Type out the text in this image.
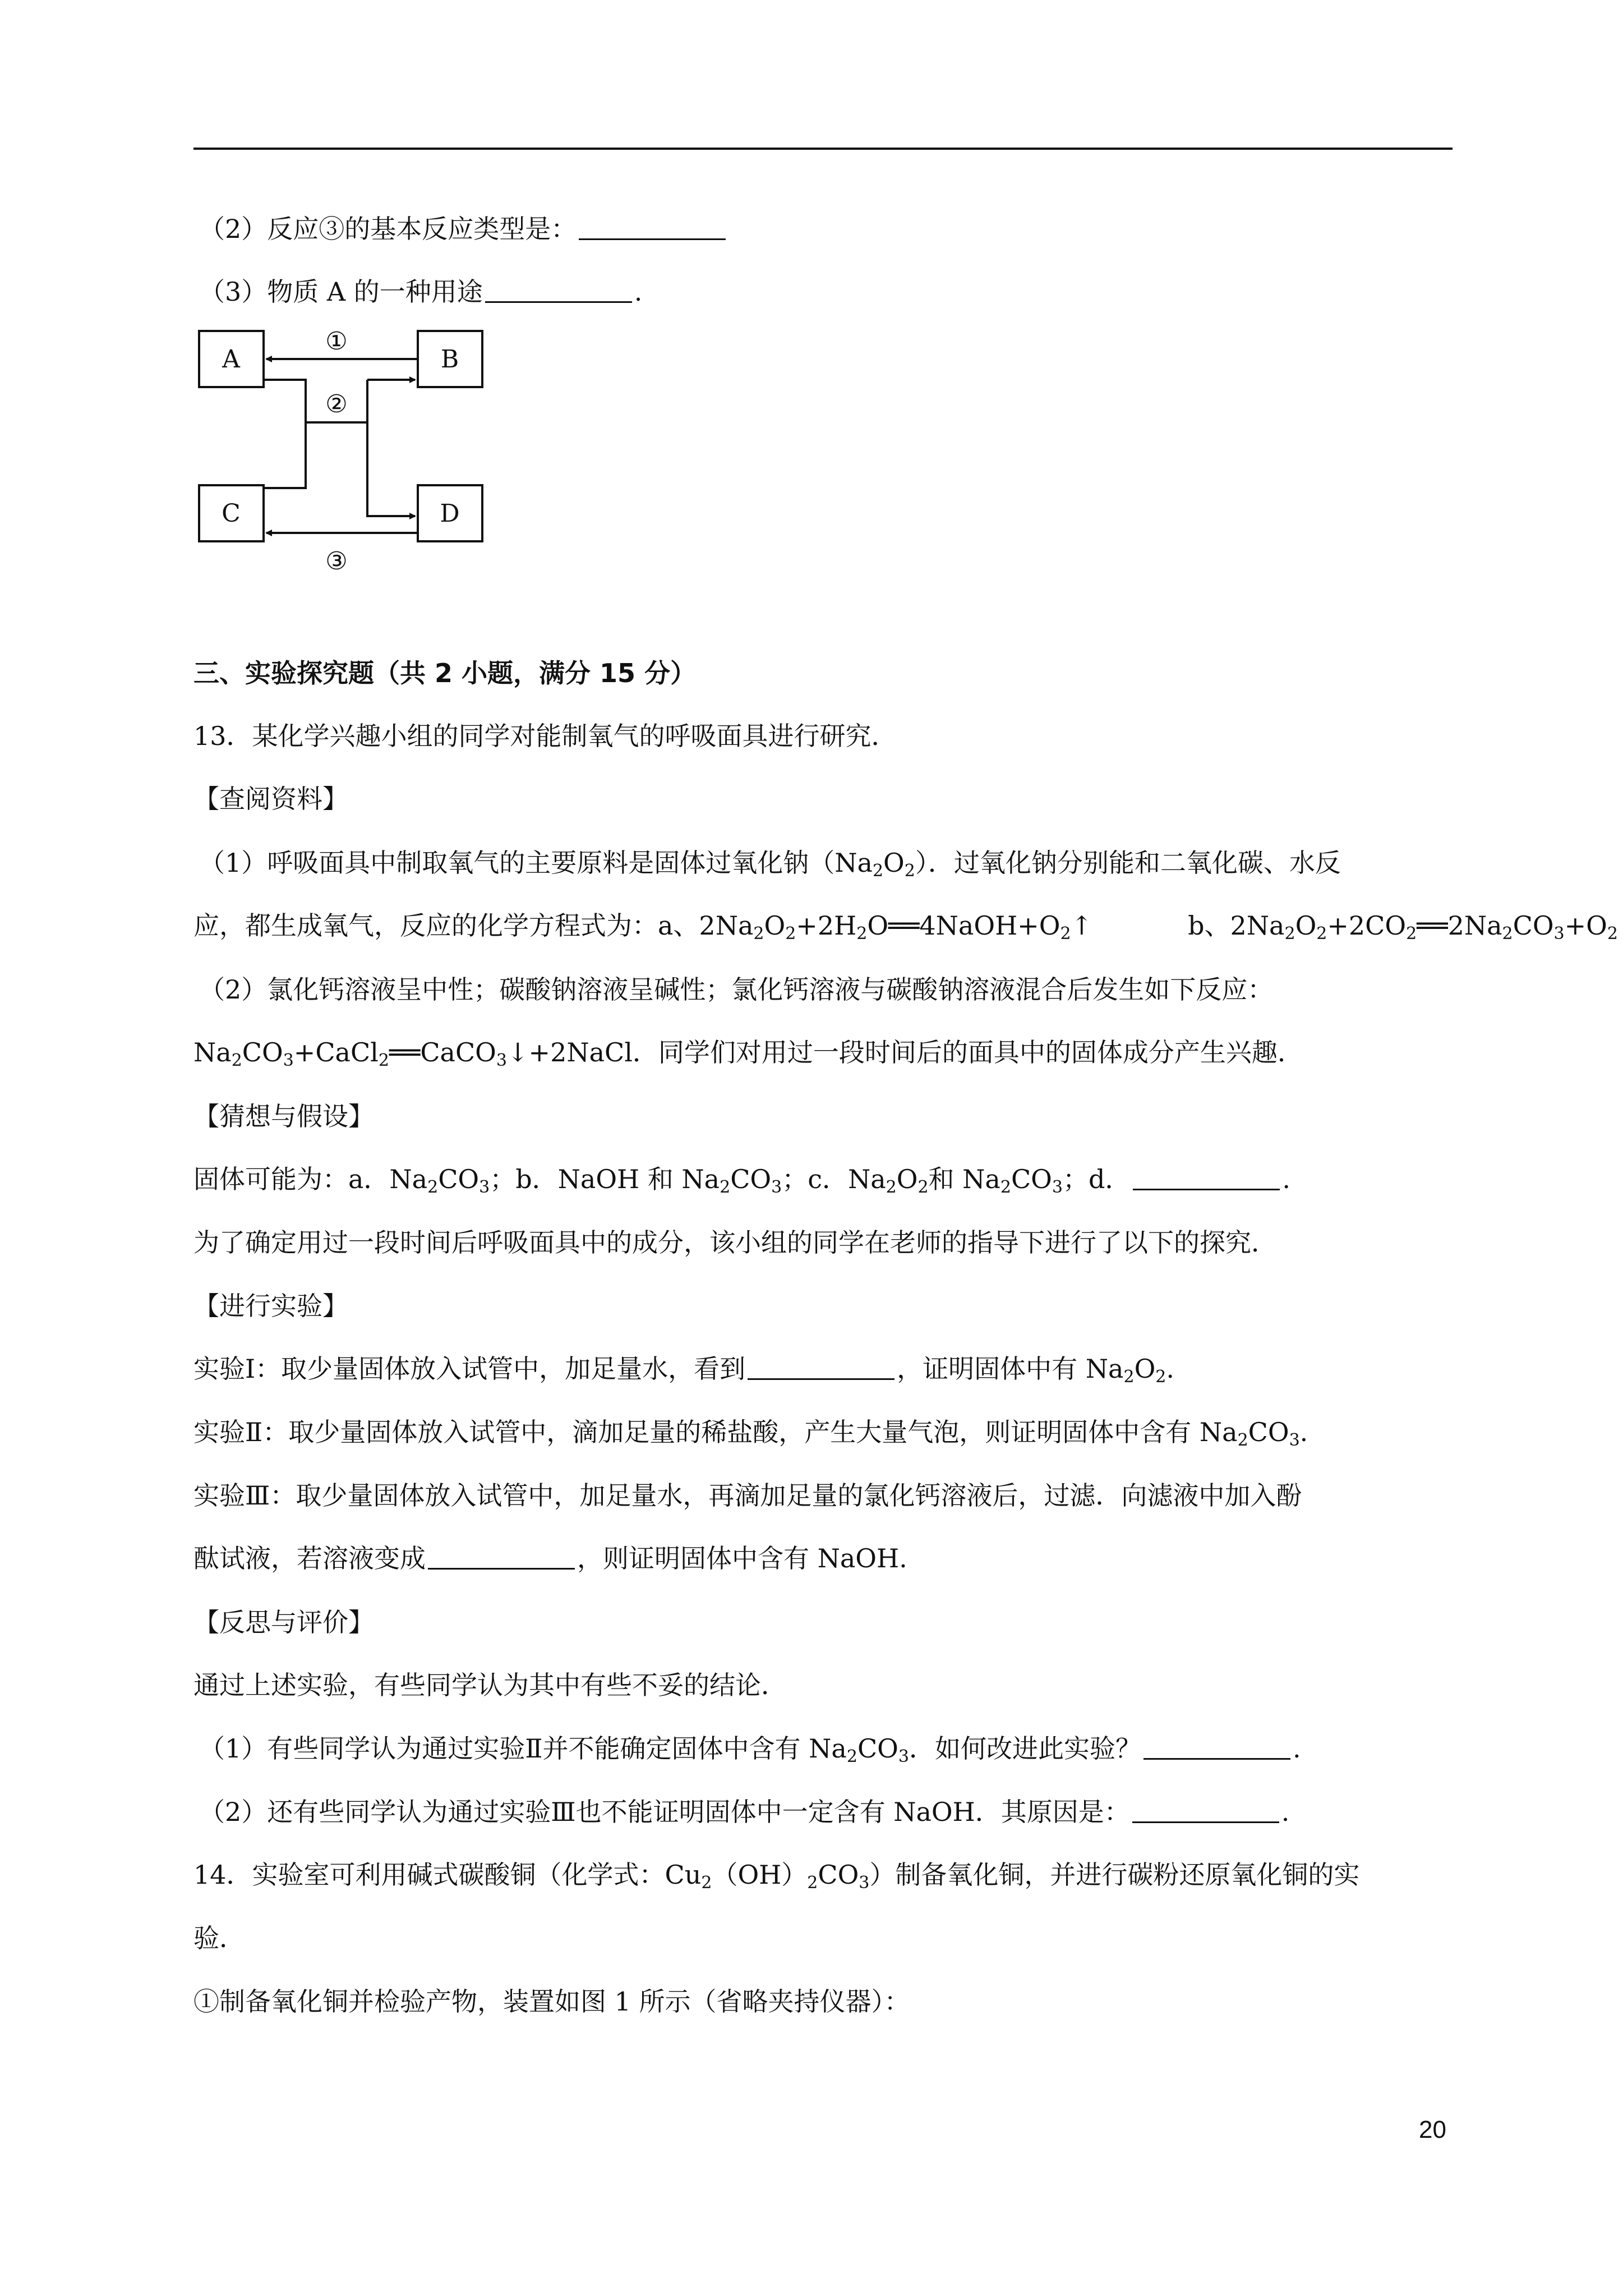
（2）反应③的基本反应类型是：
（3）物质 A 的一种用途	.
A	B
C	D
①
②
③
三、实验探究题（共 2 小题，满分 15 分）
13．某化学兴趣小组的同学对能制氧气的呼吸面具进行研究．
【查阅资料】
（1）呼吸面具中制取氧气的主要原料是固体过氧化钠$(Na_2O_2)$．过氧化钠分别能和二氧化碳、水反
应，都生成氧气，反应的化学方程式为：a、$2Na_2O_2+2H_2O══4NaOH+O_2↑$	b、$2Na_2O_2+2CO_2══2Na_2CO_3+O_2$
（2）氯化钙溶液呈中性；碳酸钠溶液呈碱性；氯化钙溶液与碳酸钠溶液混合后发生如下反应：
$Na_2CO_3+CaCl_2══CaCO_3↓+2NaCl$．同学们对用过一段时间后的面具中的固体成分产生兴趣．
【猜想与假设】
固体可能为：a．$Na_2CO_3$；b．NaOH 和 $Na_2CO_3$；c．$Na_2O_2$和 $Na_2CO_3$；d．	.
为了确定用过一段时间后呼吸面具中的成分，该小组的同学在老师的指导下进行了以下的探究．
【进行实验】
实验Ⅰ：取少量固体放入试管中，加足量水，看到	，证明固体中有 $Na_2O_2$.
实验Ⅱ：取少量固体放入试管中，滴加足量的稀盐酸，产生大量气泡，则证明固体中含有 $Na_2CO_3$.
实验Ⅲ：取少量固体放入试管中，加足量水，再滴加足量的氯化钙溶液后，过滤．向滤液中加入酚
酞试液，若溶液变成	，则证明固体中含有 NaOH.
【反思与评价】
通过上述实验，有些同学认为其中有些不妥的结论．
（1）有些同学认为通过实验Ⅱ并不能确定固体中含有 $Na_2CO_3$．如何改进此实验？	.
（2）还有些同学认为通过实验Ⅲ也不能证明固体中一定含有 NaOH．其原因是：	.
14．实验室可利用碱式碳酸铜（化学式：$Cu_2(OH)_2CO_3$）制备氧化铜，并进行碳粉还原氧化铜的实
验．
①制备氧化铜并检验产物，装置如图 1 所示（省略夹持仪器）：
20
